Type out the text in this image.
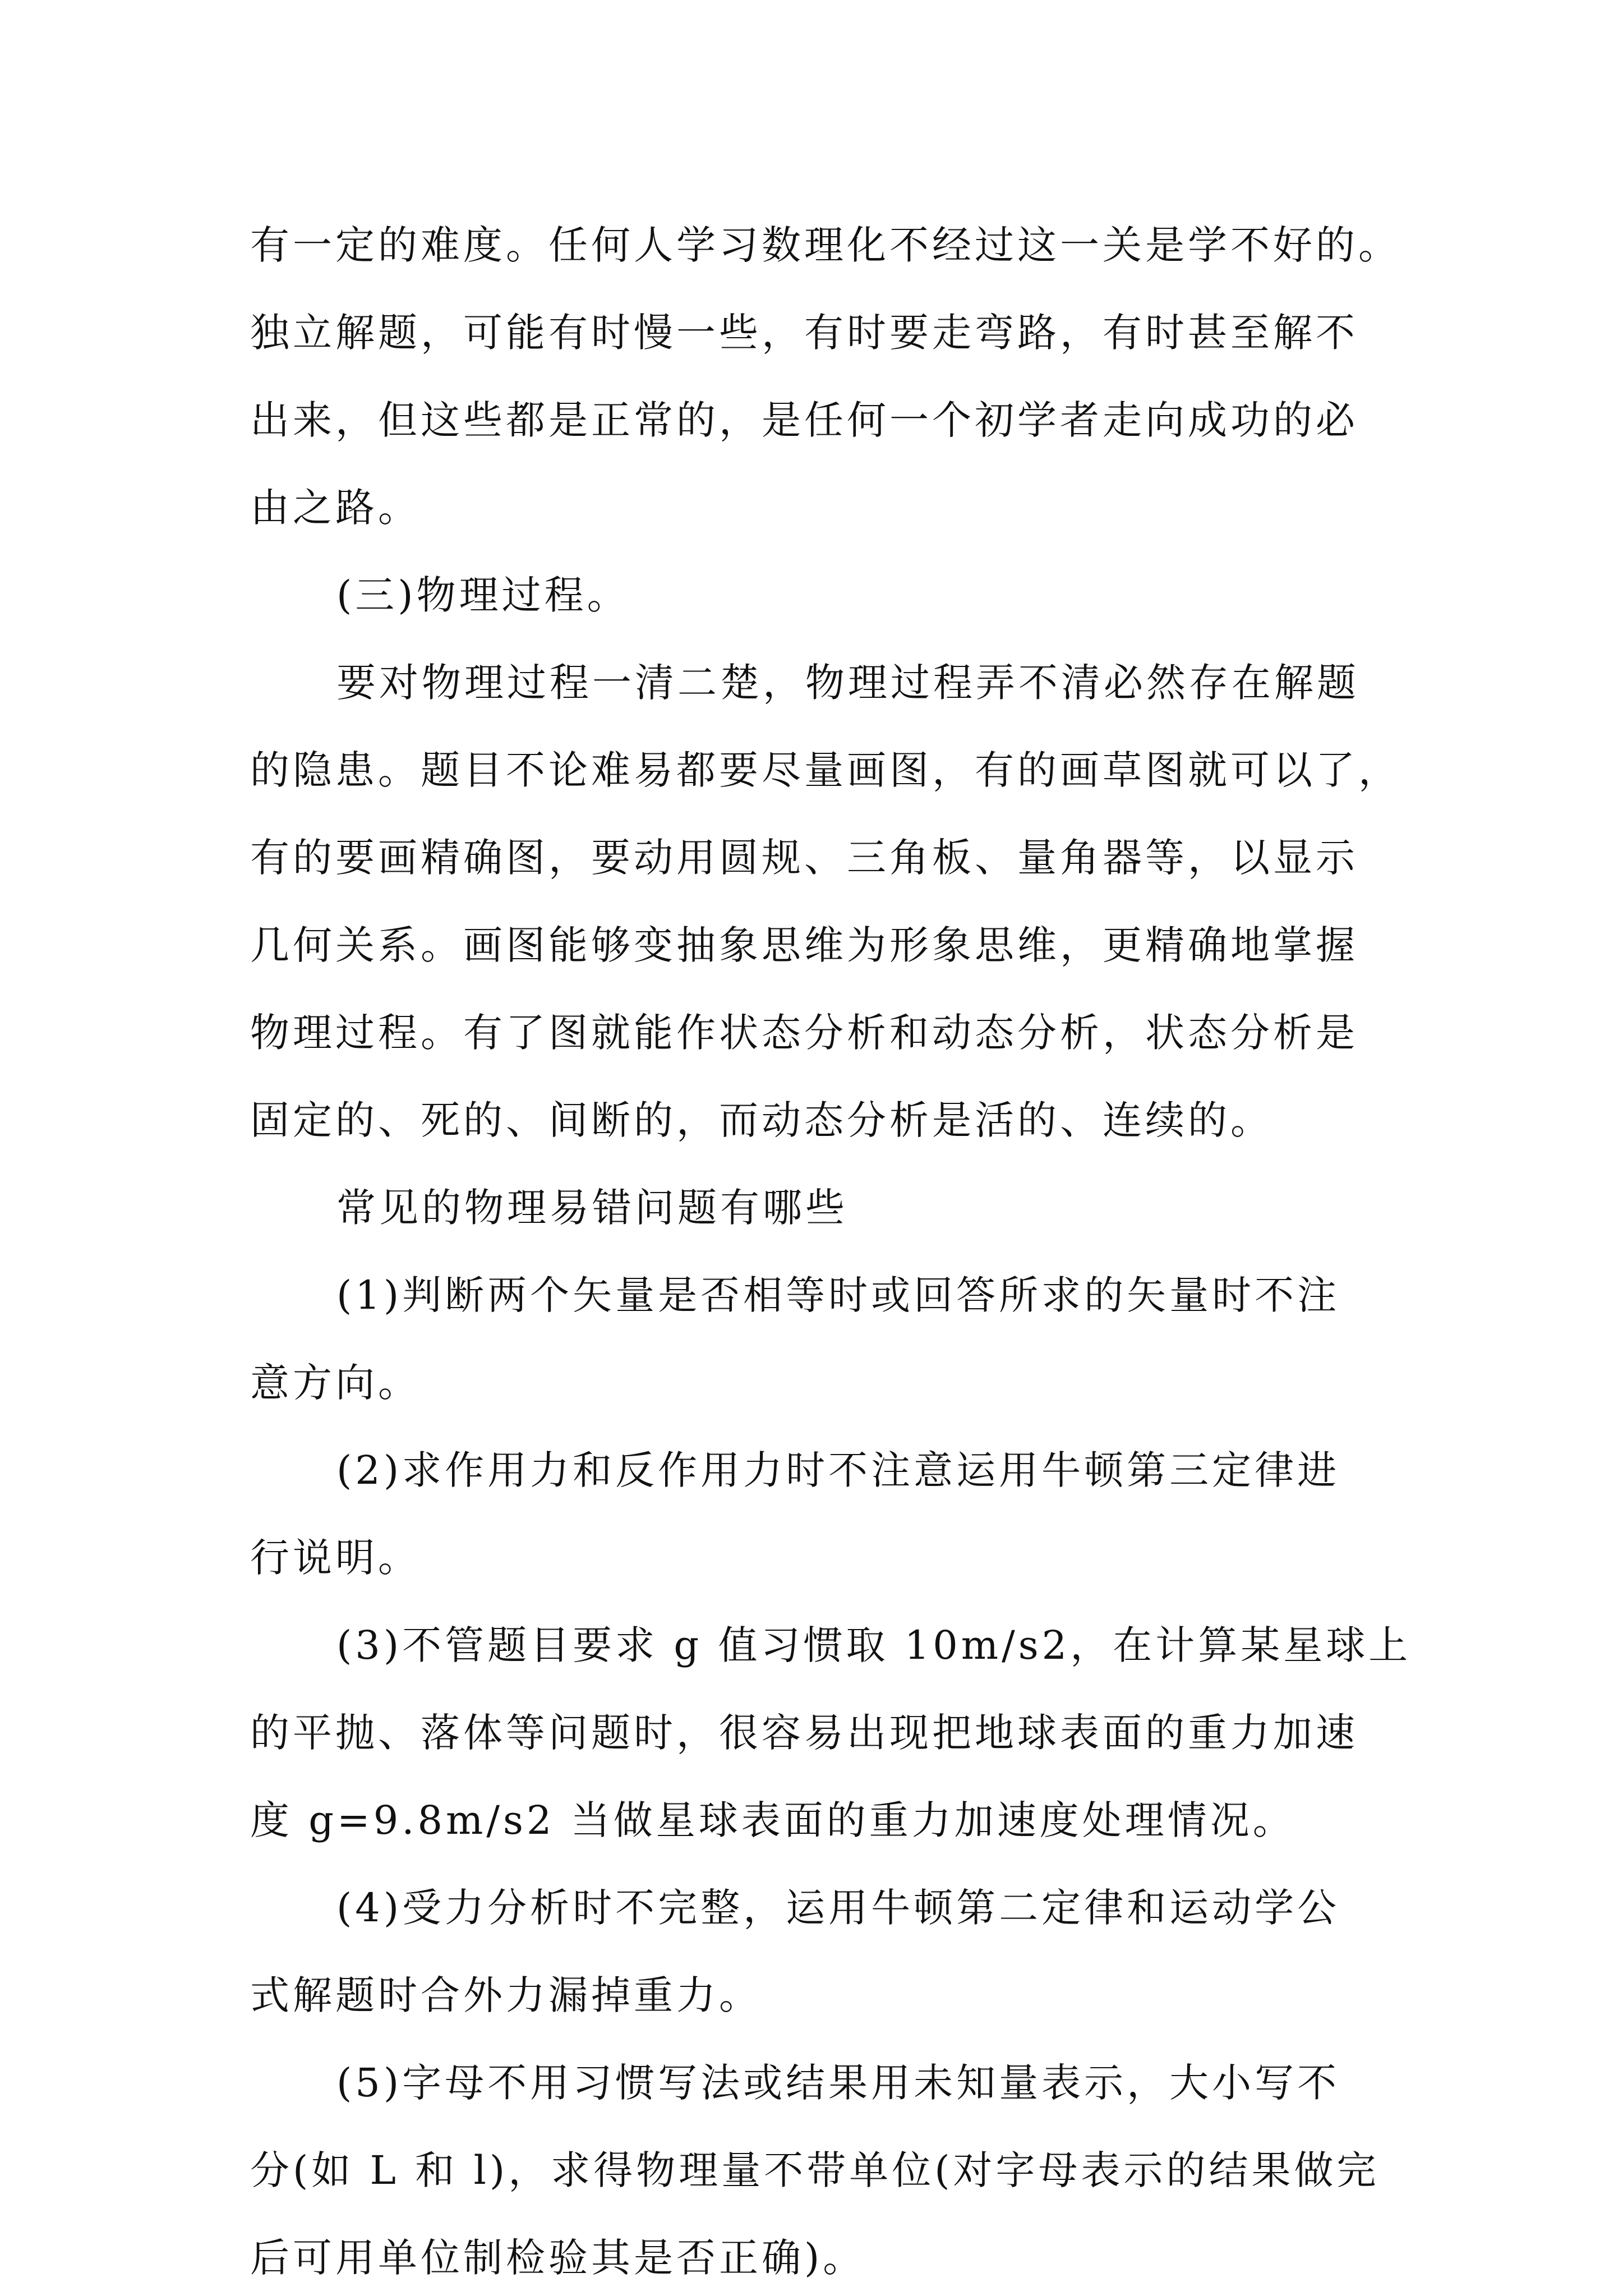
有一定的难度。任何人学习数理化不经过这一关是学不好的。
独立解题，可能有时慢一些，有时要走弯路，有时甚至解不
出来，但这些都是正常的，是任何一个初学者走向成功的必
由之路。
(三)物理过程。
要对物理过程一清二楚，物理过程弄不清必然存在解题
的隐患。题目不论难易都要尽量画图，有的画草图就可以了，
有的要画精确图，要动用圆规、三角板、量角器等，以显示
几何关系。画图能够变抽象思维为形象思维，更精确地掌握
物理过程。有了图就能作状态分析和动态分析，状态分析是
固定的、死的、间断的，而动态分析是活的、连续的。
常见的物理易错问题有哪些
(1)判断两个矢量是否相等时或回答所求的矢量时不注
意方向。
(2)求作用力和反作用力时不注意运用牛顿第三定律进
行说明。
(3)不管题目要求 g 值习惯取 10m/s2，在计算某星球上
的平抛、落体等问题时，很容易出现把地球表面的重力加速
度 g=9.8m/s2 当做星球表面的重力加速度处理情况。
(4)受力分析时不完整，运用牛顿第二定律和运动学公
式解题时合外力漏掉重力。
(5)字母不用习惯写法或结果用未知量表示，大小写不
分(如 L 和 l)，求得物理量不带单位(对字母表示的结果做完
后可用单位制检验其是否正确)。
